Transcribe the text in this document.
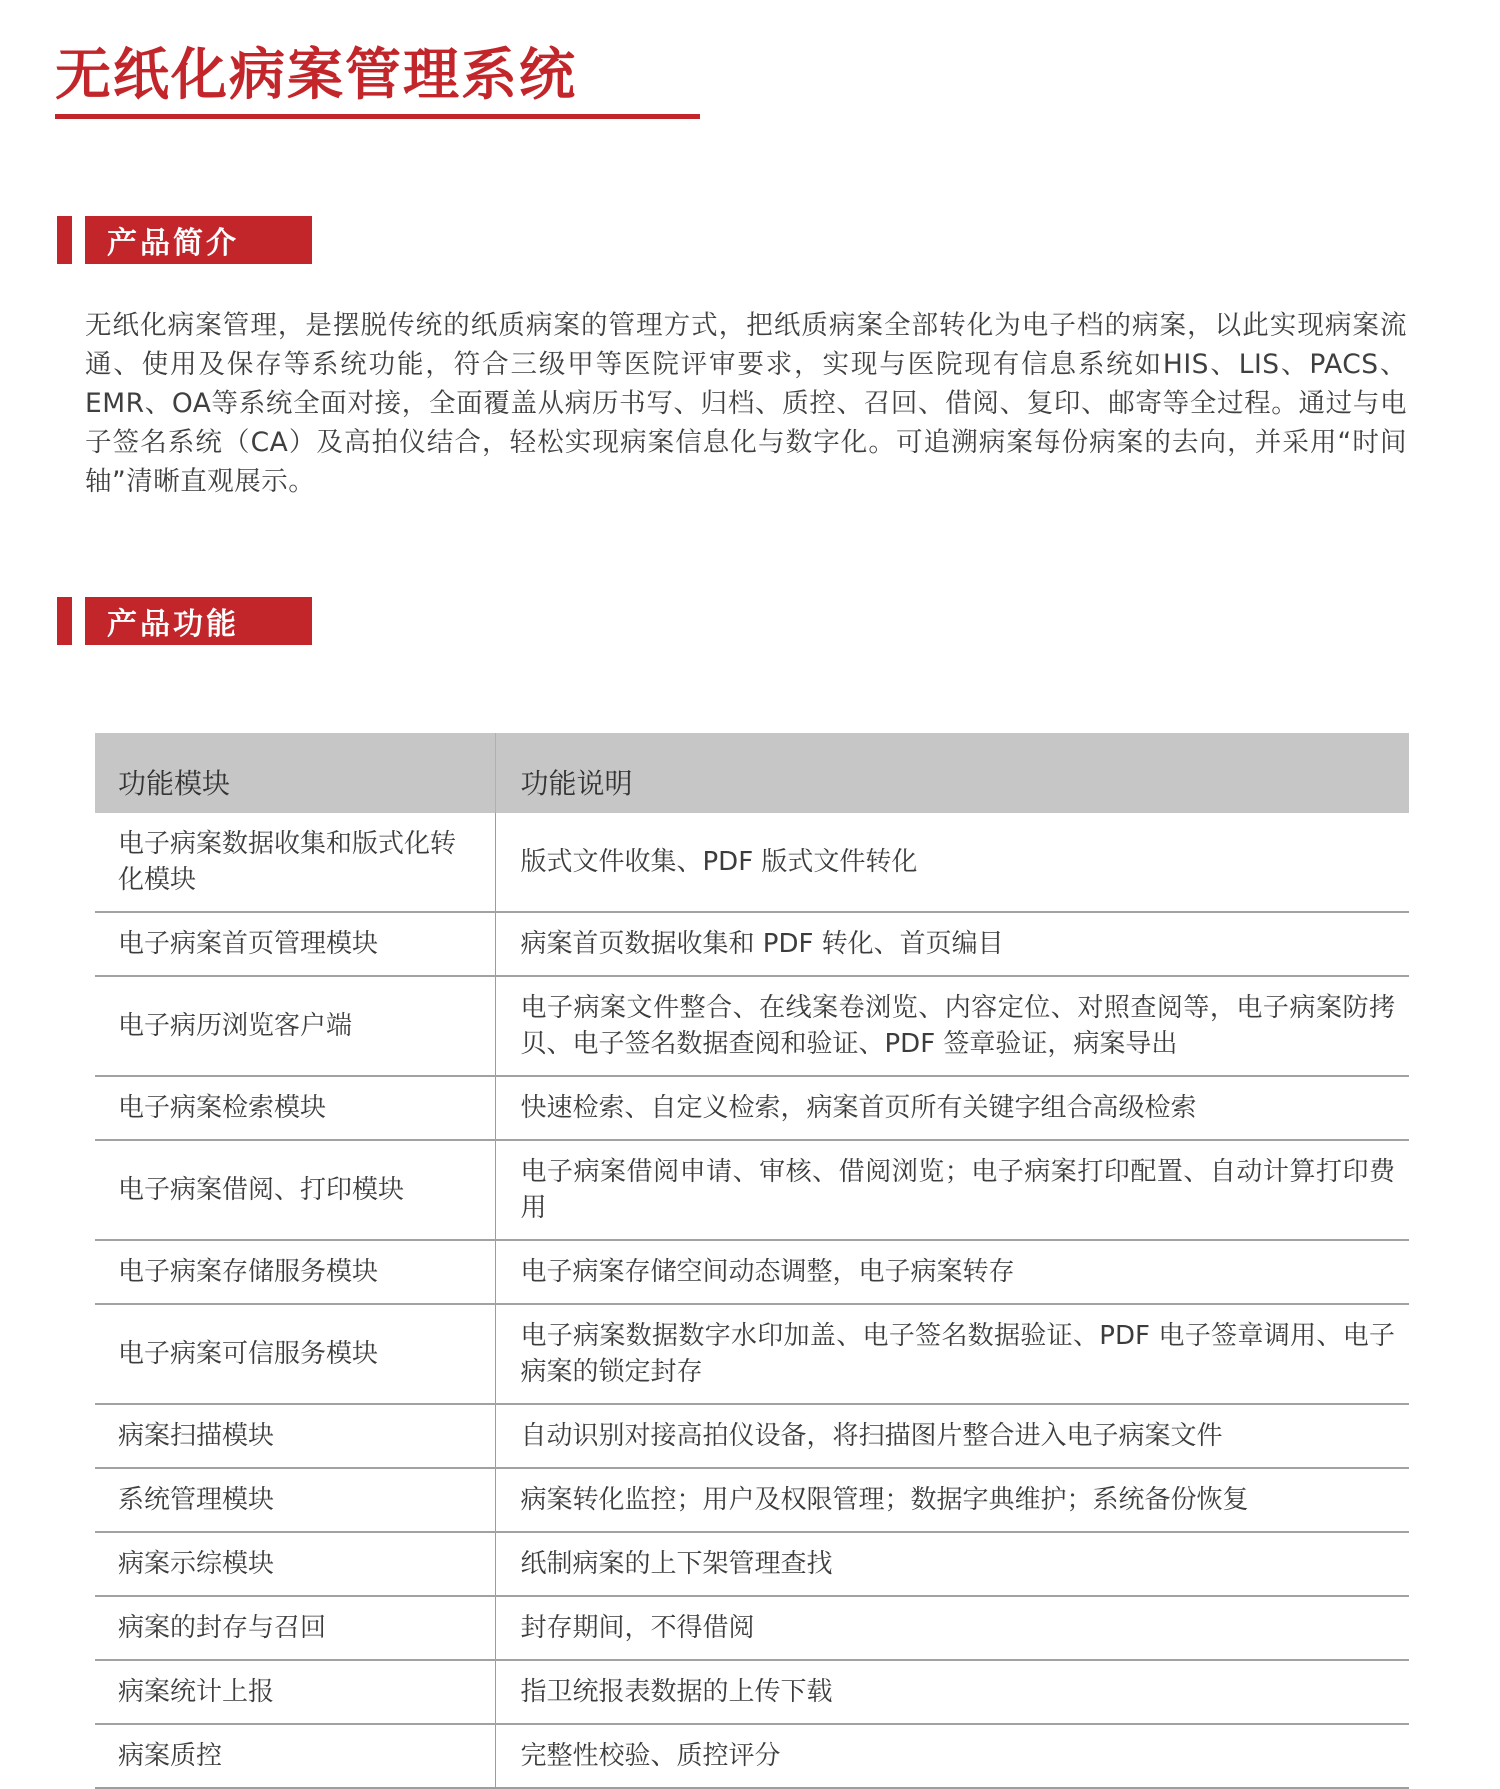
无纸化病案管理系统
产品简介

无纸化病案管理，是摆脱传统的纸质病案的管理方式，把纸质病案全部转化为电子档的病案，以此实现病案流通、使用及保存等系统功能，符合三级甲等医院评审要求，实现与医院现有信息系统如HIS、LIS、PACS、EMR、OA等系统全面对接，全面覆盖从病历书写、归档、质控、召回、借阅、复印、邮寄等全过程。通过与电子签名系统（CA）及高拍仪结合，轻松实现病案信息化与数字化。可追溯病案每份病案的去向，并采用“时间轴”清晰直观展示。

产品功能
功能模块	功能说明
电子病案数据收集和版式化转化模块	版式文件收集、PDF 版式文件转化
电子病案首页管理模块	病案首页数据收集和 PDF 转化、首页编目
电子病历浏览客户端	电子病案文件整合、在线案卷浏览、内容定位、对照查阅等，电子病案防拷贝、电子签名数据查阅和验证、PDF 签章验证，病案导出
电子病案检索模块	快速检索、自定义检索，病案首页所有关键字组合高级检索
电子病案借阅、打印模块	电子病案借阅申请、审核、借阅浏览；电子病案打印配置、自动计算打印费用
电子病案存储服务模块	电子病案存储空间动态调整，电子病案转存
电子病案可信服务模块	电子病案数据数字水印加盖、电子签名数据验证、PDF 电子签章调用、电子病案的锁定封存
病案扫描模块	自动识别对接高拍仪设备，将扫描图片整合进入电子病案文件
系统管理模块	病案转化监控；用户及权限管理；数据字典维护；系统备份恢复
病案示综模块	纸制病案的上下架管理查找
病案的封存与召回	封存期间，不得借阅
病案统计上报	指卫统报表数据的上传下载
病案质控	完整性校验、质控评分
